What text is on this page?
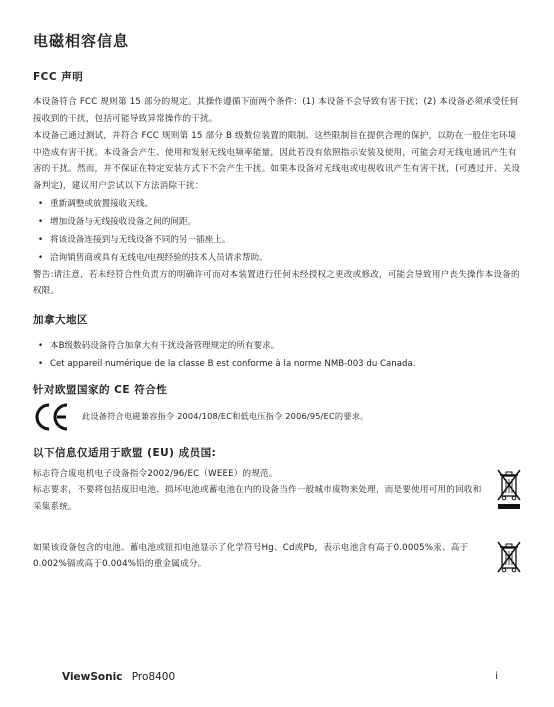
电磁相容信息
FCC 声明

本设备符合 FCC 规则第 15 部分的规定。其操作遵循下面两个条件：(1) 本设备不会导致有害干扰；(2) 本设备必须承受任何接收到的干扰，包括可能导致异常操作的干扰。

本设备已通过测试，并符合 FCC 规则第 15 部分 B 级数位装置的限制。这些限制旨在提供合理的保护，以防在一般住宅环境中造成有害干扰。本设备会产生、使用和发射无线电频率能量，因此若没有依照指示安装及使用，可能会对无线电通讯产生有害的干扰。然而，并不保证在特定安装方式下不会产生干扰。如果本设备对无线电或电视收讯产生有害干扰，(可透过开、关设备判定)，建议用户尝试以下方法消除干扰：

• 重新调整或放置接收天线。
• 增加设备与无线接收设备之间的间距。
• 将该设备连接到与无线设备不同的另一插座上。
• 洽询销售商或具有无线电/电视经验的技术人员请求帮助。

警告:请注意，若未经符合性负责方的明确许可而对本装置进行任何未经授权之更改或修改，可能会导致用户丧失操作本设备的权限。

加拿大地区
• 本B级数码设备符合加拿大有干扰设备管理规定的所有要求。
• Cet appareil numérique de la classe B est conforme à la norme NMB-003 du Canada.
针对欧盟国家的 CE 符合性

此设备符合电磁兼容指令 2004/108/EC和低电压指令 2006/95/EC的要求。

以下信息仅适用于欧盟 (EU) 成员国:

标志符合废电机电子设备指令2002/96/EC（WEEE）的规范。

标志要求，不要将包括废旧电池、损坏电池或蓄电池在内的设备当作一般城市废物来处理，而是要使用可用的回收和采集系统。

如果该设备包含的电池、蓄电池或钮扣电池显示了化学符号Hg、Cd或Pb，表示电池含有高于0.0005%汞、高于0.002%镉或高于0.004%铅的重金属成分。

ViewSonic Pro8400	i
